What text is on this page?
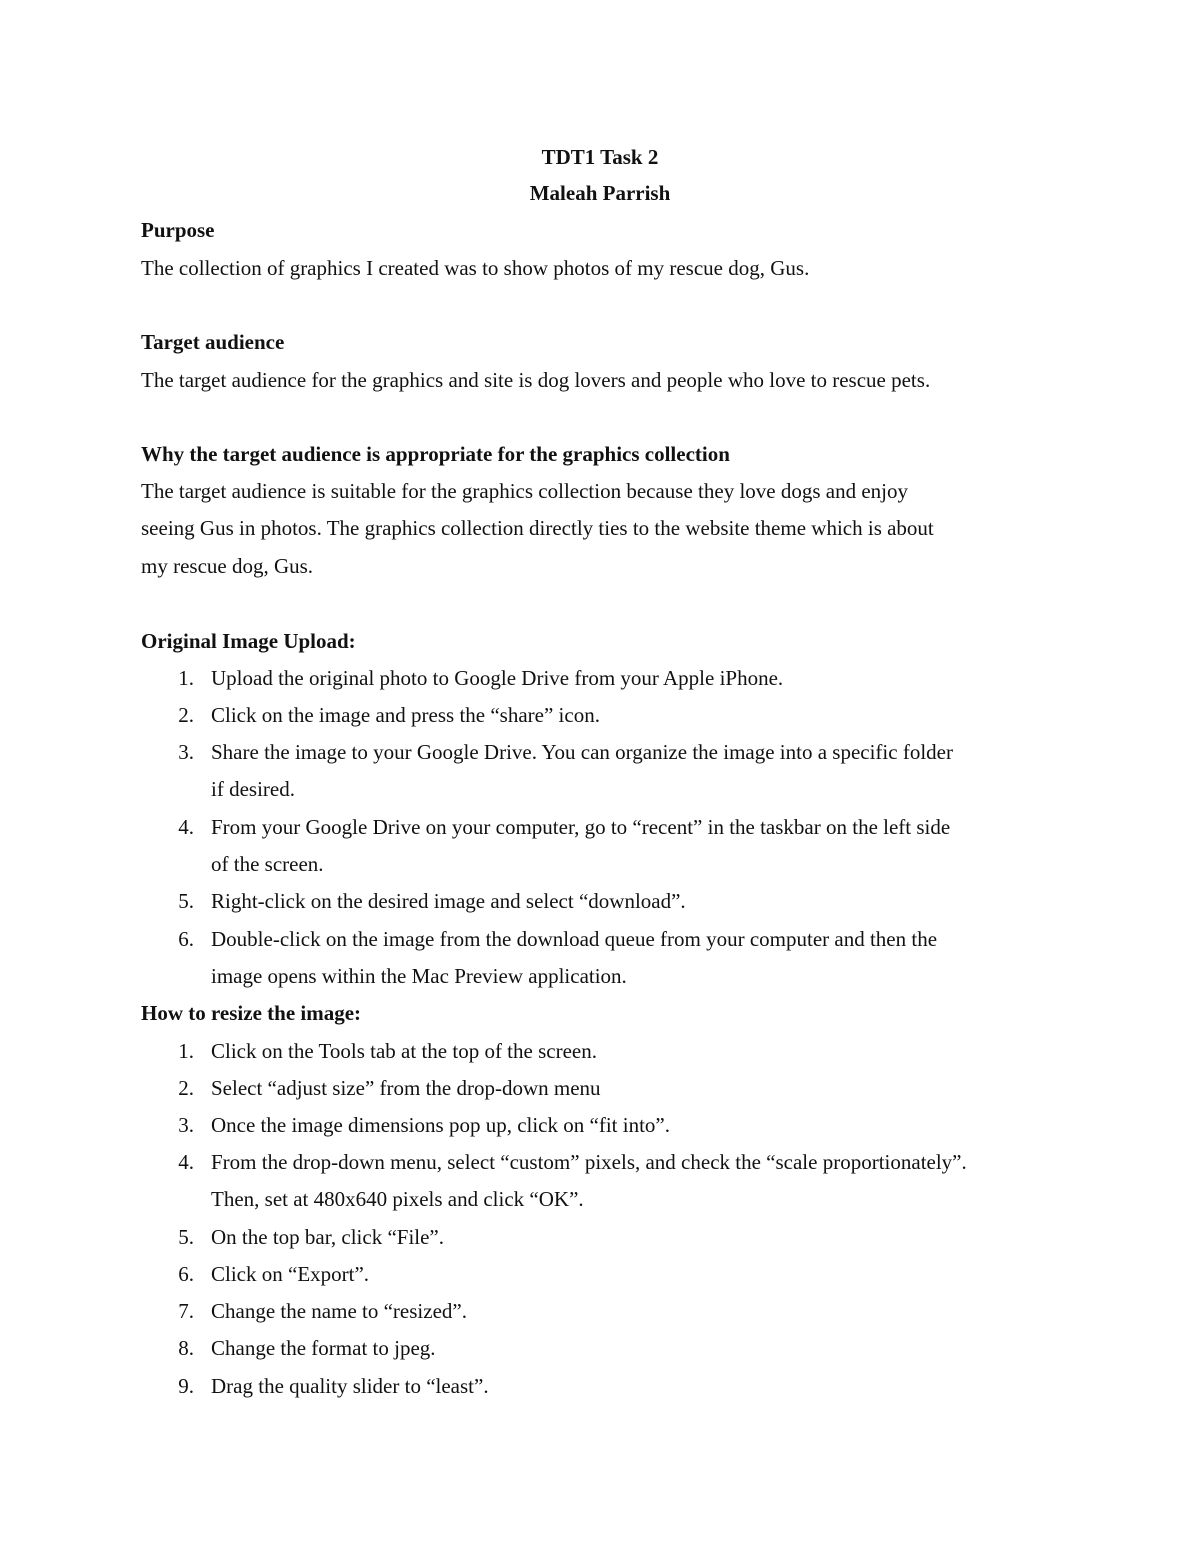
TDT1 Task 2
Maleah Parrish
Purpose
The collection of graphics I created was to show photos of my rescue dog, Gus.
Target audience
The target audience for the graphics and site is dog lovers and people who love to rescue pets.
Why the target audience is appropriate for the graphics collection
The target audience is suitable for the graphics collection because they love dogs and enjoy
seeing Gus in photos. The graphics collection directly ties to the website theme which is about
my rescue dog, Gus.
Original Image Upload:
1. Upload the original photo to Google Drive from your Apple iPhone.
2. Click on the image and press the “share” icon.
3. Share the image to your Google Drive. You can organize the image into a specific folder
if desired.
4. From your Google Drive on your computer, go to “recent” in the taskbar on the left side
of the screen.
5. Right-click on the desired image and select “download”.
6. Double-click on the image from the download queue from your computer and then the
image opens within the Mac Preview application.
How to resize the image:
1. Click on the Tools tab at the top of the screen.
2. Select “adjust size” from the drop-down menu
3. Once the image dimensions pop up, click on “fit into”.
4. From the drop-down menu, select “custom” pixels, and check the “scale proportionately”.
Then, set at 480x640 pixels and click “OK”.
5. On the top bar, click “File”.
6. Click on “Export”.
7. Change the name to “resized”.
8. Change the format to jpeg.
9. Drag the quality slider to “least”.
